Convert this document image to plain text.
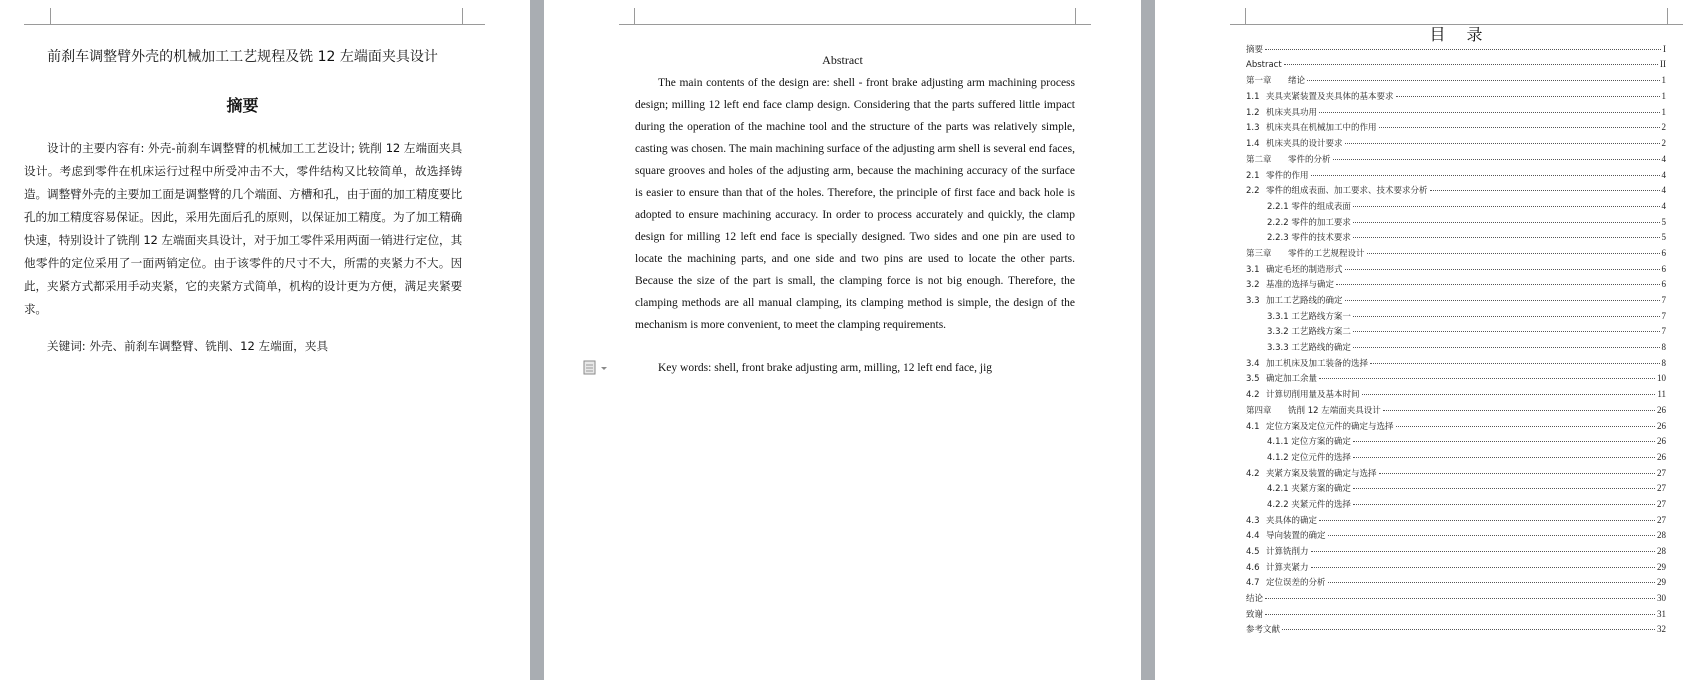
前刹车调整臂外壳的机械加工工艺规程及铣 12 左端面夹具设计
摘要
设计的主要内容有: 外壳-前刹车调整臂的机械加工工艺设计; 铣削 12 左端面夹具设计。考虑到零件在机床运行过程中所受冲击不大，零件结构又比较简单，故选择铸造。调整臂外壳的主要加工面是调整臂的几个端面、方槽和孔，由于面的加工精度要比孔的加工精度容易保证。因此，采用先面后孔的原则，以保证加工精度。为了加工精确快速，特别设计了铣削 12 左端面夹具设计，对于加工零件采用两面一销进行定位，其他零件的定位采用了一面两销定位。由于该零件的尺寸不大，所需的夹紧力不大。因此，夹紧方式都采用手动夹紧，它的夹紧方式简单，机构的设计更为方便，满足夹紧要求。
关键词: 外壳、前刹车调整臂、铣削、12 左端面，夹具
Abstract
The main contents of the design are: shell - front brake adjusting arm machining process design; milling 12 left end face clamp design. Considering that the parts suffered little impact during the operation of the machine tool and the structure of the parts was relatively simple, casting was chosen. The main machining surface of the adjusting arm shell is several end faces, square grooves and holes of the adjusting arm, because the machining accuracy of the surface is easier to ensure than that of the holes. Therefore, the principle of first face and back hole is adopted to ensure machining accuracy. In order to process accurately and quickly, the clamp design for milling 12 left end face is specially designed. Two sides and one pin are used to locate the machining parts, and one side and two pins are used to locate the other parts. Because the size of the part is small, the clamping force is not big enough. Therefore, the clamping methods are all manual clamping, its clamping method is simple, the design of the mechanism is more convenient, to meet the clamping requirements.
Key words: shell, front brake adjusting arm, milling, 12 left end face, jig
目 录
摘要	I
Abstract	II
第一章	绪论	1
1.1 夹具夹紧装置及夹具体的基本要求	1
1.2 机床夹具功用	1
1.3 机床夹具在机械加工中的作用	2
1.4 机床夹具的设计要求	2
第二章	零件的分析	4
2.1 零件的作用	4
2.2 零件的组成表面、加工要求、技术要求分析	4
2.2.1 零件的组成表面	4
2.2.2 零件的加工要求	5
2.2.3 零件的技术要求	5
第三章	零件的工艺规程设计	6
3.1 确定毛坯的制造形式	6
3.2 基准的选择与确定	6
3.3 加工工艺路线的确定	7
3.3.1 工艺路线方案一	7
3.3.2 工艺路线方案二	7
3.3.3 工艺路线的确定	8
3.4 加工机床及加工装备的选择	8
3.5 确定加工余量	10
4.2 计算切削用量及基本时间	11
第四章	铣削 12 左端面夹具设计	26
4.1 定位方案及定位元件的确定与选择	26
4.1.1 定位方案的确定	26
4.1.2 定位元件的选择	26
4.2 夹紧方案及装置的确定与选择	27
4.2.1 夹紧方案的确定	27
4.2.2 夹紧元件的选择	27
4.3 夹具体的确定	27
4.4 导向装置的确定	28
4.5 计算铣削力	28
4.6 计算夹紧力	29
4.7 定位误差的分析	29
结论	30
致谢	31
参考文献	32
